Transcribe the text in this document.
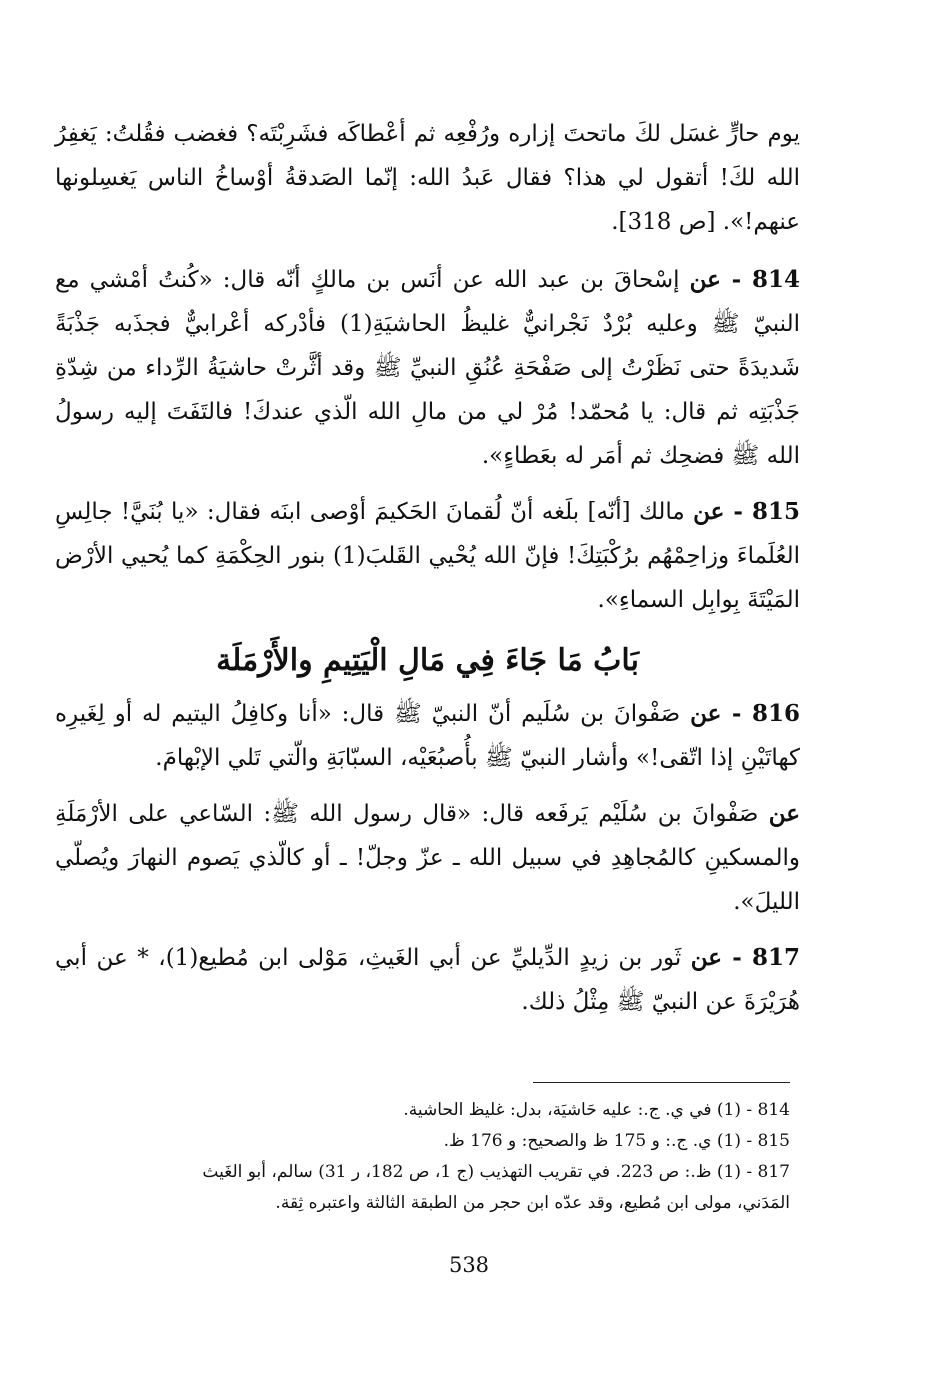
يوم حارٍّ غسَل لكَ ماتحتَ إزاره ورُفْعِه ثم أعْطاكَه فشَرِبْتَه؟ فغضب فقُلتُ: يَغفِرُ الله لكَ! أتقول لي هذا؟ فقال عَبدُ الله: إنّما الصَدقةُ أوْساخُ الناس يَغسِلونها عنهم!». [ص 318].

814 - عن إسْحاقَ بن عبد الله عن أنَس بن مالكٍ أنّه قال: «كُنتُ أمْشي مع النبيّ ﷺ وعليه بُرْدٌ نَجْرانيٌّ غليظُ الحاشيَةِ(1) فأدْركه أعْرابيٌّ فجذَبه جَذْبَةً شَديدَةً حتى نَظَرْتُ إلى صَفْحَةِ عُنُقِ النبيِّ ﷺ وقد أثَّرتْ حاشيَةُ الرِّداء من شِدّةِ جَذْبَتِه ثم قال: يا مُحمّد! مُرْ لي من مالِ الله الّذي عندكَ! فالتَفَتَ إليه رسولُ الله ﷺ فضحِك ثم أمَر له بعَطاءٍ».

815 - عن مالك [أنّه] بلَغه أنّ لُقمانَ الحَكيمَ أوْصى ابنَه فقال: «يا بُنَيَّ! جالِسِ العُلَماءَ وزاحِمْهُم برُكْبَتِكَ! فإنّ الله يُحْيي القَلبَ(1) بنور الحِكْمَةِ كما يُحيي الأرْض المَيْتَةَ بِوابِل السماءِ».

بَابُ مَا جَاءَ فِي مَالِ الْيَتِيمِ والأَرْمَلَة

816 - عن صَفْوانَ بن سُلَيم أنّ النبيّ ﷺ قال: «أنا وكافِلُ اليتيم له أو لِغَيرِه كهاتَيْنِ إذا اتّقى!» وأشار النبيّ ﷺ بأُصبُعَيْه، السبّابَةِ والّتي تَلي الإبْهامَ.

عن صَفْوانَ بن سُلَيْم يَرفَعه قال: «قال رسول الله ﷺ: السّاعي على الأرْمَلَةِ والمسكينِ كالمُجاهِدِ في سبيل الله ـ عزّ وجلّ! ـ أو كالّذي يَصوم النهارَ ويُصلّي الليلَ».

817 - عن ثَور بن زيدٍ الدِّيليِّ عن أبي الغَيثِ، مَوْلى ابن مُطيع(1)، * عن أبي هُرَيْرَةَ عن النبيّ ﷺ مِثْلُ ذلك.

814 - (1) في ي. ج.: عليه حَاشيَة، بدل: غليظ الحاشية.

815 - (1) ي. ج.: و 175 ظ والصحيح: و 176 ظ.

817 - (1) ظ.: ص 223. في تقريب التهذيب (ج 1، ص 182، ر 31) سالم، أبو الغَيث

المَدَني، مولى ابن مُطيع، وقد عدّه ابن حجر من الطبقة الثالثة واعتبره ثِقة.

538
